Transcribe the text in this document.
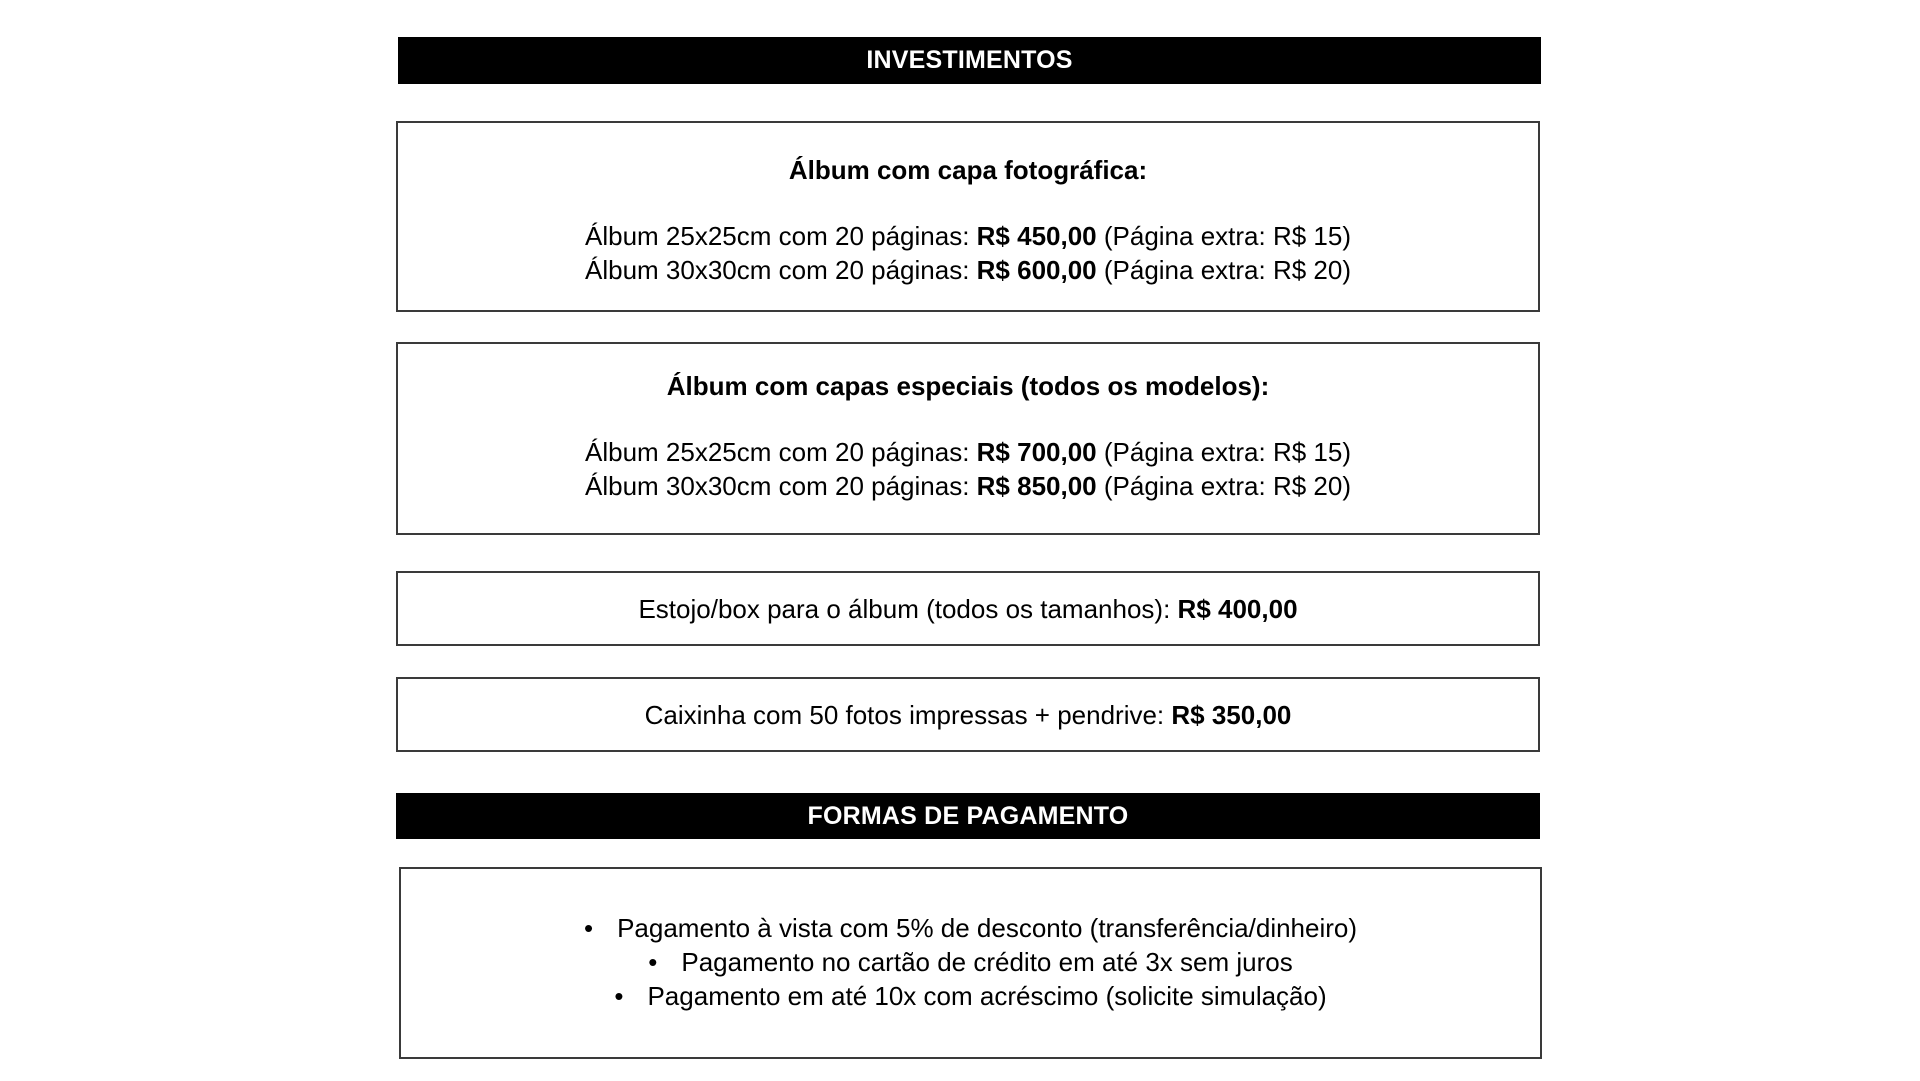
INVESTIMENTOS
Álbum com capa fotográfica:
Álbum 25x25cm com 20 páginas: R$ 450,00 (Página extra: R$ 15)
Álbum 30x30cm com 20 páginas: R$ 600,00 (Página extra: R$ 20)
Álbum com capas especiais (todos os modelos):
Álbum 25x25cm com 20 páginas: R$ 700,00 (Página extra: R$ 15)
Álbum 30x30cm com 20 páginas: R$ 850,00 (Página extra: R$ 20)
Estojo/box para o álbum (todos os tamanhos): R$ 400,00
Caixinha com 50 fotos impressas + pendrive: R$ 350,00
FORMAS DE PAGAMENTO
• Pagamento à vista com 5% de desconto (transferência/dinheiro)
• Pagamento no cartão de crédito em até 3x sem juros
• Pagamento em até 10x com acréscimo (solicite simulação)
